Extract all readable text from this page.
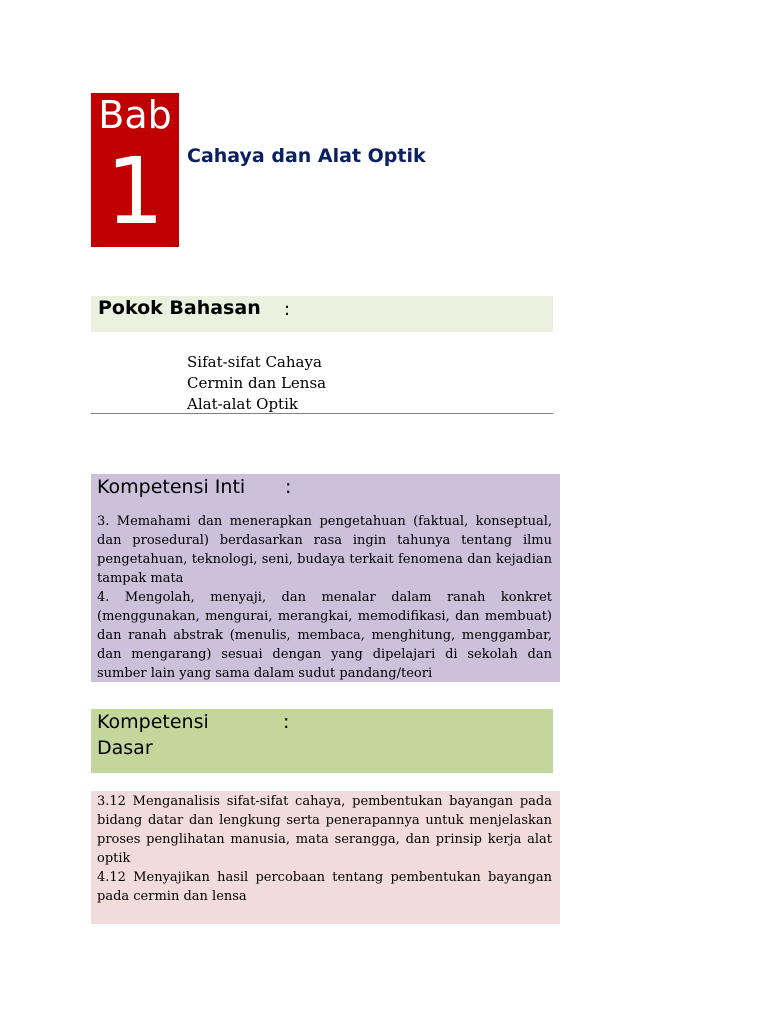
Bab
1	Cahaya dan Alat Optik
Pokok Bahasan :
Sifat-sifat Cahaya
Cermin dan Lensa
Alat-alat Optik
Kompetensi Inti :

3. Memahami dan menerapkan pengetahuan (faktual, konseptual, dan prosedural) berdasarkan rasa ingin tahunya tentang ilmu pengetahuan, teknologi, seni, budaya terkait fenomena dan kejadian tampak mata

4. Mengolah, menyaji, dan menalar dalam ranah konkret (menggunakan, mengurai, merangkai, memodifikasi, dan membuat) dan ranah abstrak (menulis, membaca, menghitung, menggambar, dan mengarang) sesuai dengan yang dipelajari di sekolah dan sumber lain yang sama dalam sudut pandang/teori

Kompetensi Dasar
:

3.12 Menganalisis sifat-sifat cahaya, pembentukan bayangan pada bidang datar dan lengkung serta penerapannya untuk menjelaskan proses penglihatan manusia, mata serangga, dan prinsip kerja alat optik

4.12 Menyajikan hasil percobaan tentang pembentukan bayangan pada cermin dan lensa
